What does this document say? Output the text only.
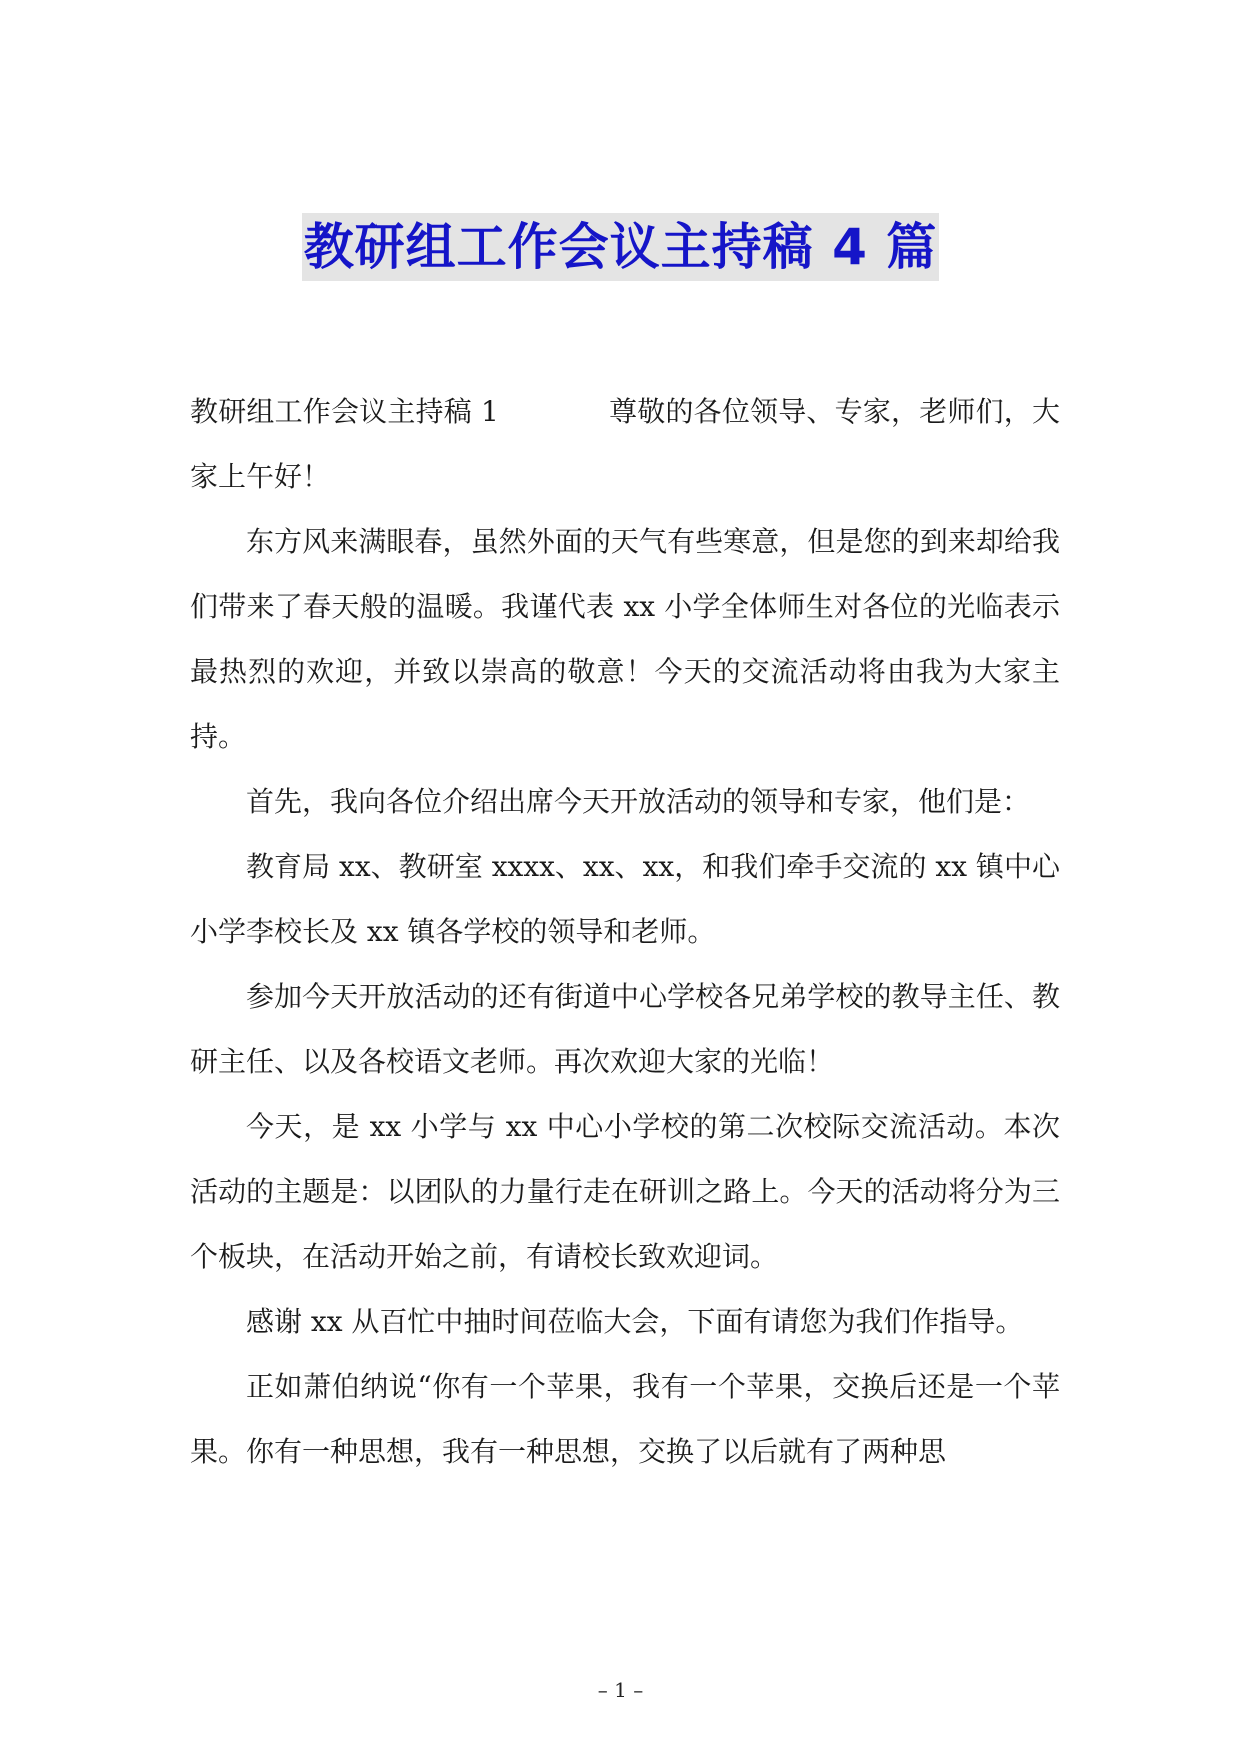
教研组工作会议主持稿 4 篇

教研组工作会议主持稿 1	尊敬的各位领导、专家，老师们，大家上午好！

东方风来满眼春，虽然外面的天气有些寒意，但是您的到来却给我们带来了春天般的温暖。我谨代表 xx 小学全体师生对各位的光临表示最热烈的欢迎，并致以崇高的敬意！今天的交流活动将由我为大家主持。

首先，我向各位介绍出席今天开放活动的领导和专家，他们是：

教育局 xx、教研室 xxxx、xx、xx，和我们牵手交流的 xx 镇中心小学李校长及 xx 镇各学校的领导和老师。

参加今天开放活动的还有街道中心学校各兄弟学校的教导主任、教研主任、以及各校语文老师。再次欢迎大家的光临！

今天，是 xx 小学与 xx 中心小学校的第二次校际交流活动。本次活动的主题是：以团队的力量行走在研训之路上。今天的活动将分为三个板块，在活动开始之前，有请校长致欢迎词。

感谢 xx 从百忙中抽时间莅临大会，下面有请您为我们作指导。

正如萧伯纳说“你有一个苹果，我有一个苹果，交换后还是一个苹果。你有一种思想，我有一种思想，交换了以后就有了两种思

– 1 –
